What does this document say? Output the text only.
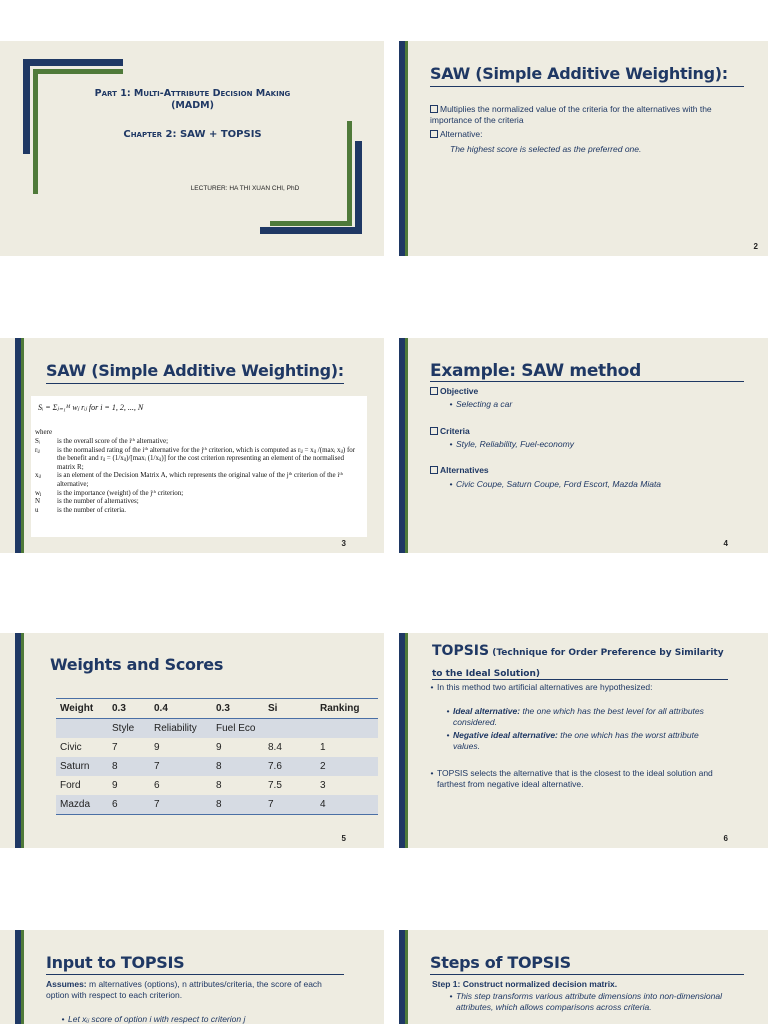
Part 1: Multi-Attribute Decision Making
(MADM)
Chapter 2: SAW + TOPSIS
LECTURER: HA THI XUAN CHI, PhD
SAW (Simple Additive Weighting):
Multiplies the normalized value of the criteria for the alternatives with the importance of the criteria
Alternative:
The highest score is selected as the preferred one.
2
SAW (Simple Additive Weighting):
Sᵢ = Σⱼ₌₁ᴹ wⱼ rᵢⱼ for i = 1, 2, ..., N
where
Sᵢ	is the overall score of the iᵗʰ alternative;
rᵢⱼ	is the normalised rating of the iᵗʰ alternative for the jᵗʰ criterion, which is computed as rᵢⱼ = xᵢⱼ /(maxᵢ xᵢⱼ) for the benefit and rᵢⱼ = (1/xᵢⱼ)/[maxᵢ (1/xᵢⱼ)] for the cost criterion representing an element of the normalised matrix R;
xᵢⱼ	is an element of the Decision Matrix A, which represents the original value of the jᵗʰ criterion of the iᵗʰ alternative;
wⱼ	is the importance (weight) of the jᵗʰ criterion;
N	is the number of alternatives;
u	is the number of criteria.
3
Example: SAW method
Objective
• Selecting a car
Criteria
• Style, Reliability, Fuel-economy
Alternatives
• Civic Coupe, Saturn Coupe, Ford Escort, Mazda Miata
4
Weights and Scores
Weight	0.3	0.4	0.3	Si	Ranking
	Style	Reliability	Fuel Eco		
Civic	7	9	9	8.4	1
Saturn	8	7	8	7.6	2
Ford	9	6	8	7.5	3
Mazda	6	7	8	7	4
5
TOPSIS (Technique for Order Preference by Similarity to the Ideal Solution)
• In this method two artificial alternatives are hypothesized:
• Ideal alternative: the one which has the best level for all attributes considered.
• Negative ideal alternative: the one which has the worst attribute values.
• TOPSIS selects the alternative that is the closest to the ideal solution and farthest from negative ideal alternative.
6
Input to TOPSIS
Assumes: m alternatives (options), n attributes/criteria, the score of each option with respect to each criterion.
• Let xᵢⱼ score of option i with respect to criterion j
Steps of TOPSIS
Step 1: Construct normalized decision matrix.
• This step transforms various attribute dimensions into non-dimensional attributes, which allows comparisons across criteria.
